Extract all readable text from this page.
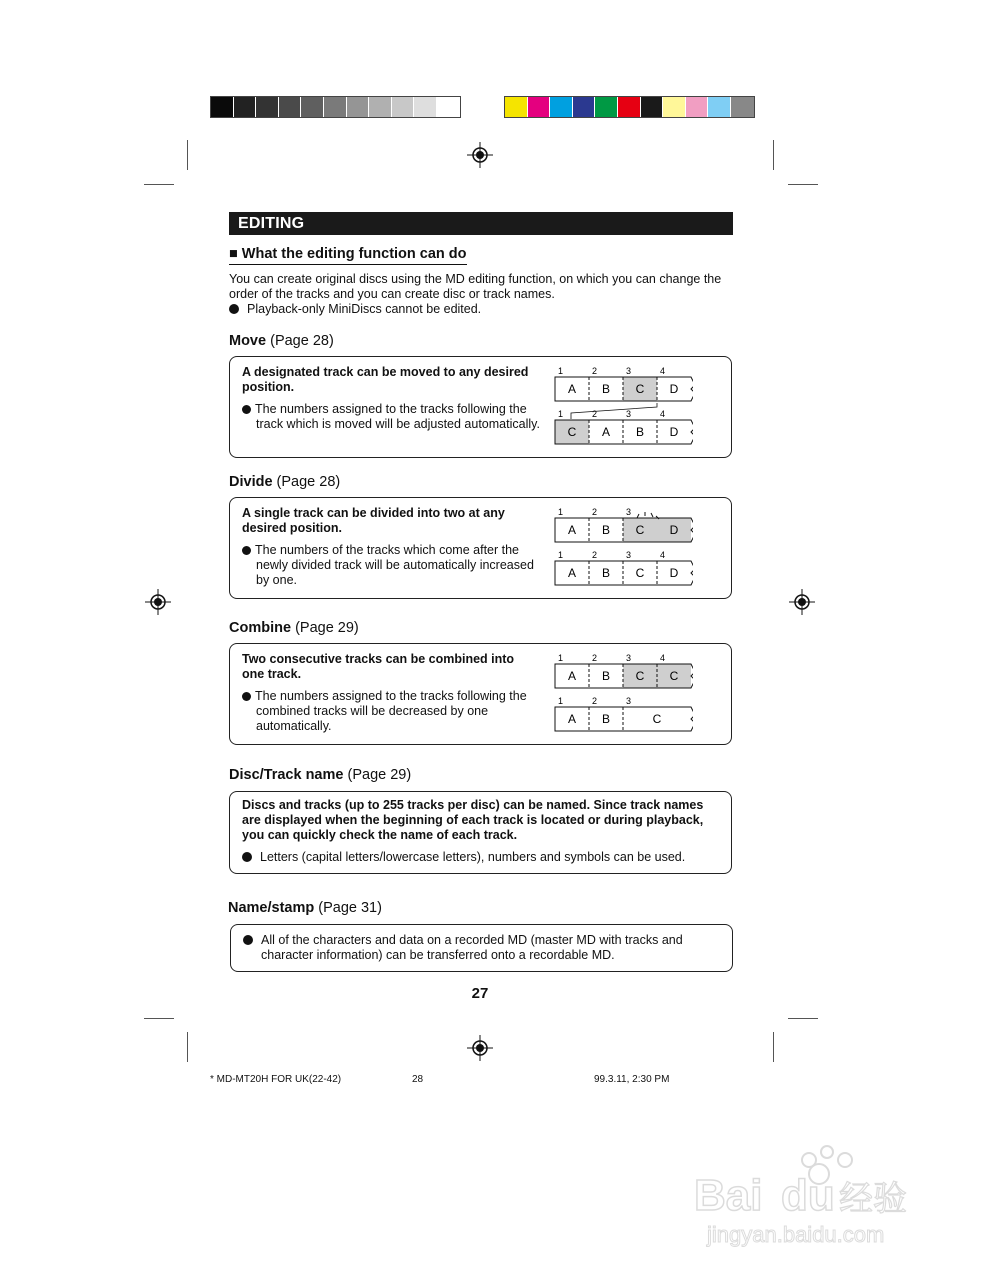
EDITING
■ What the editing function can do
You can create original discs using the MD editing function, on which you can change the order of the tracks and you can create disc or track names.
Playback-only MiniDiscs cannot be edited.
Move (Page 28)
A designated track can be moved to any desired position.
The numbers assigned to the tracks following the track which is moved will be adjusted automatically.
A B C D
1	2	3	4
C A B D
1	2	3	4
Divide (Page 28)
A single track can be divided into two at any desired position.
The numbers of the tracks which come after the newly divided track will be automatically increased by one.
A B C D
1	2	3
A B C D
1	2	3	4
Combine (Page 29)
Two consecutive tracks can be combined into one track.
The numbers assigned to the tracks following the combined tracks will be decreased by one automatically.
A B C C
1	2	3	4
A B	C
1	2	3
Disc/Track name (Page 29)
Discs and tracks (up to 255 tracks per disc) can be named. Since track names are displayed when the beginning of each track is located or during playback, you can quickly check the name of each track.
Letters (capital letters/lowercase letters), numbers and symbols can be used.
Name/stamp (Page 31)
All of the characters and data on a recorded MD (master MD with tracks and character information) can be transferred onto a recordable MD.
27
* MD-MT20H FOR UK(22-42)	28	99.3.11, 2:30 PM
Bai du 经验
jingyan.baidu.com
